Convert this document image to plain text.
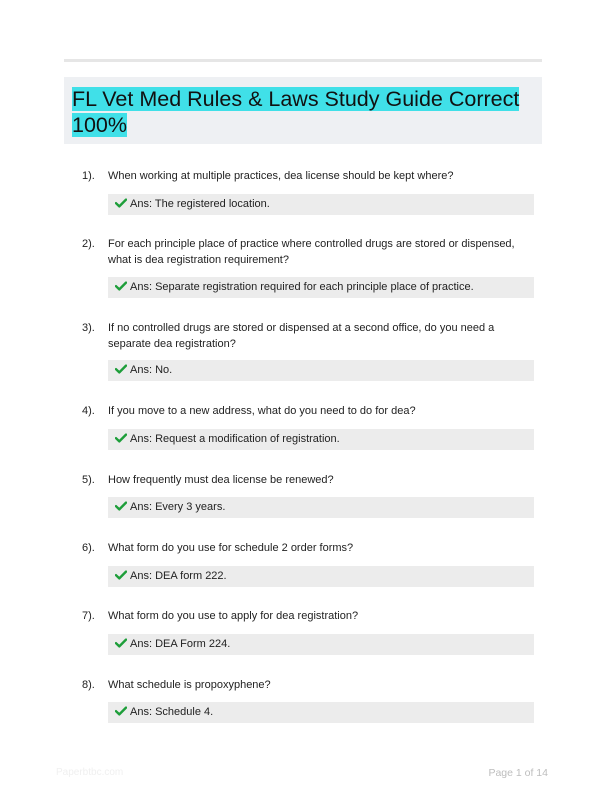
FL Vet Med Rules & Laws Study Guide Correct 100%
1). When working at multiple practices, dea license should be kept where?
Ans: The registered location.
2). For each principle place of practice where controlled drugs are stored or dispensed, what is dea registration requirement?
Ans: Separate registration required for each principle place of practice.
3). If no controlled drugs are stored or dispensed at a second office, do you need a separate dea registration?
Ans: No.
4). If you move to a new address, what do you need to do for dea?
Ans: Request a modification of registration.
5). How frequently must dea license be renewed?
Ans: Every 3 years.
6). What form do you use for schedule 2 order forms?
Ans: DEA form 222.
7). What form do you use to apply for dea registration?
Ans: DEA Form 224.
8). What schedule is propoxyphene?
Ans: Schedule 4.
Paperbtbc.com	Page 1 of 14
